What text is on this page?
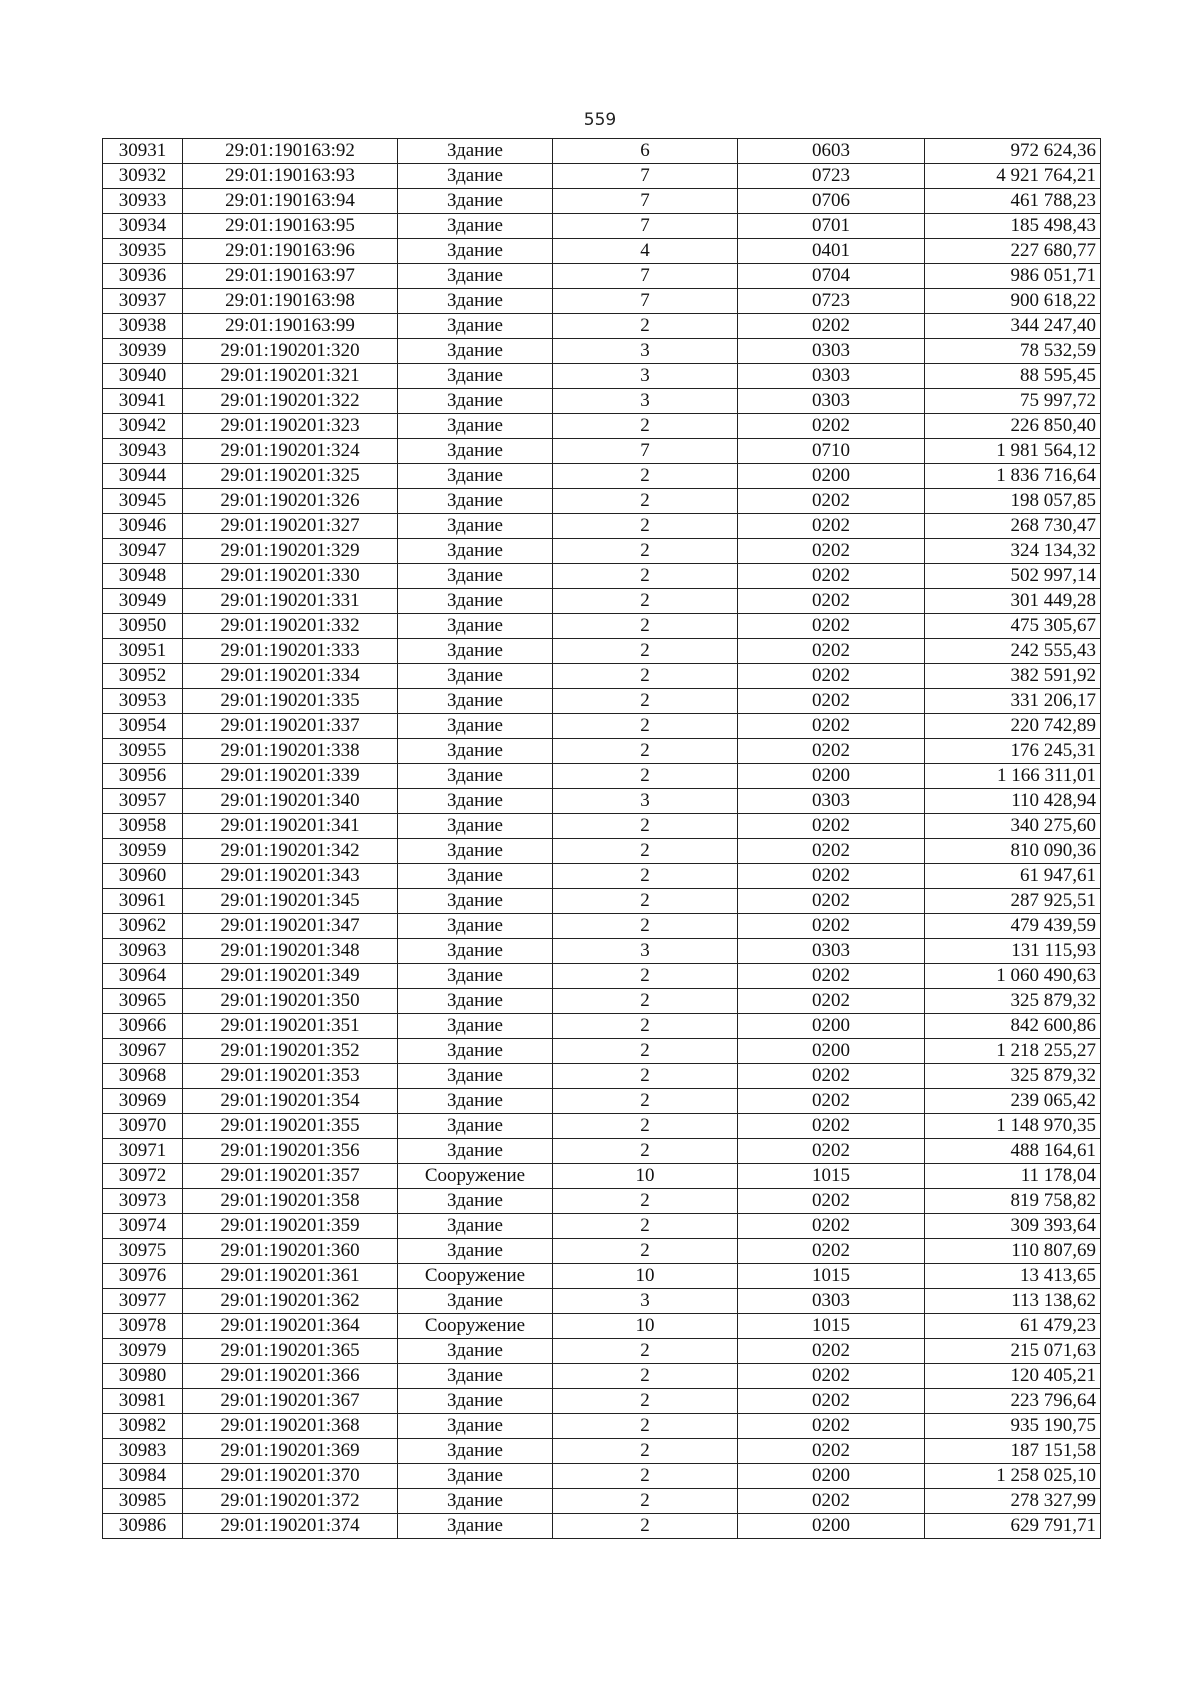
559
30931	29:01:190163:92	Здание	6	0603	972 624,36
30932	29:01:190163:93	Здание	7	0723	4 921 764,21
30933	29:01:190163:94	Здание	7	0706	461 788,23
30934	29:01:190163:95	Здание	7	0701	185 498,43
30935	29:01:190163:96	Здание	4	0401	227 680,77
30936	29:01:190163:97	Здание	7	0704	986 051,71
30937	29:01:190163:98	Здание	7	0723	900 618,22
30938	29:01:190163:99	Здание	2	0202	344 247,40
30939	29:01:190201:320	Здание	3	0303	78 532,59
30940	29:01:190201:321	Здание	3	0303	88 595,45
30941	29:01:190201:322	Здание	3	0303	75 997,72
30942	29:01:190201:323	Здание	2	0202	226 850,40
30943	29:01:190201:324	Здание	7	0710	1 981 564,12
30944	29:01:190201:325	Здание	2	0200	1 836 716,64
30945	29:01:190201:326	Здание	2	0202	198 057,85
30946	29:01:190201:327	Здание	2	0202	268 730,47
30947	29:01:190201:329	Здание	2	0202	324 134,32
30948	29:01:190201:330	Здание	2	0202	502 997,14
30949	29:01:190201:331	Здание	2	0202	301 449,28
30950	29:01:190201:332	Здание	2	0202	475 305,67
30951	29:01:190201:333	Здание	2	0202	242 555,43
30952	29:01:190201:334	Здание	2	0202	382 591,92
30953	29:01:190201:335	Здание	2	0202	331 206,17
30954	29:01:190201:337	Здание	2	0202	220 742,89
30955	29:01:190201:338	Здание	2	0202	176 245,31
30956	29:01:190201:339	Здание	2	0200	1 166 311,01
30957	29:01:190201:340	Здание	3	0303	110 428,94
30958	29:01:190201:341	Здание	2	0202	340 275,60
30959	29:01:190201:342	Здание	2	0202	810 090,36
30960	29:01:190201:343	Здание	2	0202	61 947,61
30961	29:01:190201:345	Здание	2	0202	287 925,51
30962	29:01:190201:347	Здание	2	0202	479 439,59
30963	29:01:190201:348	Здание	3	0303	131 115,93
30964	29:01:190201:349	Здание	2	0202	1 060 490,63
30965	29:01:190201:350	Здание	2	0202	325 879,32
30966	29:01:190201:351	Здание	2	0200	842 600,86
30967	29:01:190201:352	Здание	2	0200	1 218 255,27
30968	29:01:190201:353	Здание	2	0202	325 879,32
30969	29:01:190201:354	Здание	2	0202	239 065,42
30970	29:01:190201:355	Здание	2	0202	1 148 970,35
30971	29:01:190201:356	Здание	2	0202	488 164,61
30972	29:01:190201:357	Сооружение	10	1015	11 178,04
30973	29:01:190201:358	Здание	2	0202	819 758,82
30974	29:01:190201:359	Здание	2	0202	309 393,64
30975	29:01:190201:360	Здание	2	0202	110 807,69
30976	29:01:190201:361	Сооружение	10	1015	13 413,65
30977	29:01:190201:362	Здание	3	0303	113 138,62
30978	29:01:190201:364	Сооружение	10	1015	61 479,23
30979	29:01:190201:365	Здание	2	0202	215 071,63
30980	29:01:190201:366	Здание	2	0202	120 405,21
30981	29:01:190201:367	Здание	2	0202	223 796,64
30982	29:01:190201:368	Здание	2	0202	935 190,75
30983	29:01:190201:369	Здание	2	0202	187 151,58
30984	29:01:190201:370	Здание	2	0200	1 258 025,10
30985	29:01:190201:372	Здание	2	0202	278 327,99
30986	29:01:190201:374	Здание	2	0200	629 791,71
